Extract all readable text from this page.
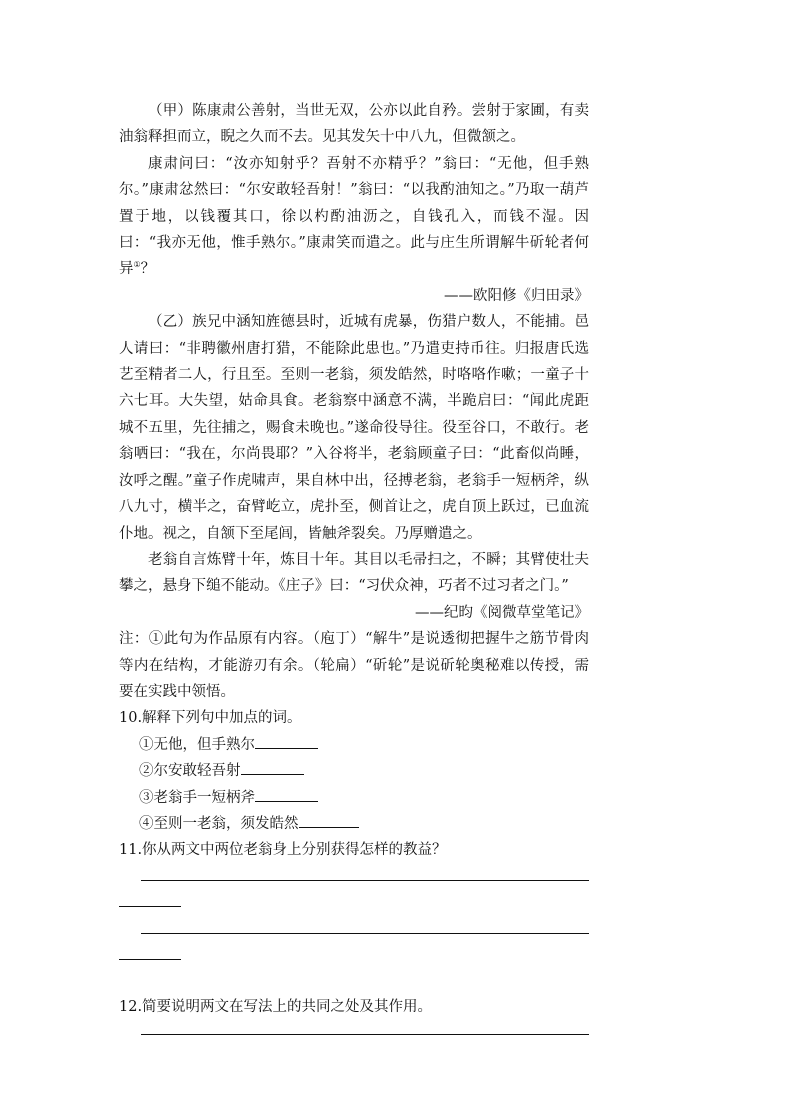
（甲）陈康肃公善射，当世无双，公亦以此自矜。尝射于家圃，有卖油翁释担而立，睨之久而不去。见其发矢十中八九，但微颔之。

康肃问曰：“汝亦知射乎？吾射不亦精乎？”翁曰：“无他，但手熟尔。”康肃忿然曰：“尔安敢轻吾射！”翁曰：“以我酌油知之。”乃取一葫芦置于地，以钱覆其口，徐以杓酌油沥之，自钱孔入，而钱不湿。因曰：“我亦无他，惟手熟尔。”康肃笑而遣之。此与庄生所谓解牛斫轮者何异①？

——欧阳修《归田录》

（乙）族兄中涵知旌德县时，近城有虎暴，伤猎户数人，不能捕。邑人请曰：“非聘徽州唐打猎，不能除此患也。”乃遣吏持币往。归报唐氏选艺至精者二人，行且至。至则一老翁，须发皓然，时咯咯作嗽；一童子十六七耳。大失望，姑命具食。老翁察中涵意不满，半跪启曰：“闻此虎距城不五里，先往捕之，赐食未晚也。”遂命役导往。役至谷口，不敢行。老翁哂曰：“我在，尔尚畏耶？”入谷将半，老翁顾童子曰：“此畜似尚睡，汝呼之醒。”童子作虎啸声，果自林中出，径搏老翁，老翁手一短柄斧，纵八九寸，横半之，奋臂屹立，虎扑至，侧首让之，虎自顶上跃过，已血流仆地。视之，自颔下至尾闾，皆触斧裂矣。乃厚赠遣之。

老翁自言炼臂十年，炼目十年。其目以毛帚扫之，不瞬；其臂使壮夫攀之，悬身下缒不能动。《庄子》曰：“习伏众神，巧者不过习者之门。”

——纪昀《阅微草堂笔记》

注：①此句为作品原有内容。（庖丁）“解牛”是说透彻把握牛之筋节骨肉等内在结构，才能游刃有余。（轮扁）“斫轮”是说斫轮奥秘难以传授，需要在实践中领悟。

10.解释下列句中加点的词。

①无他，但手熟尔

②尔安敢轻吾射

③老翁手一短柄斧

④至则一老翁，须发皓然

11.你从两文中两位老翁身上分别获得怎样的教益？

12.简要说明两文在写法上的共同之处及其作用。
